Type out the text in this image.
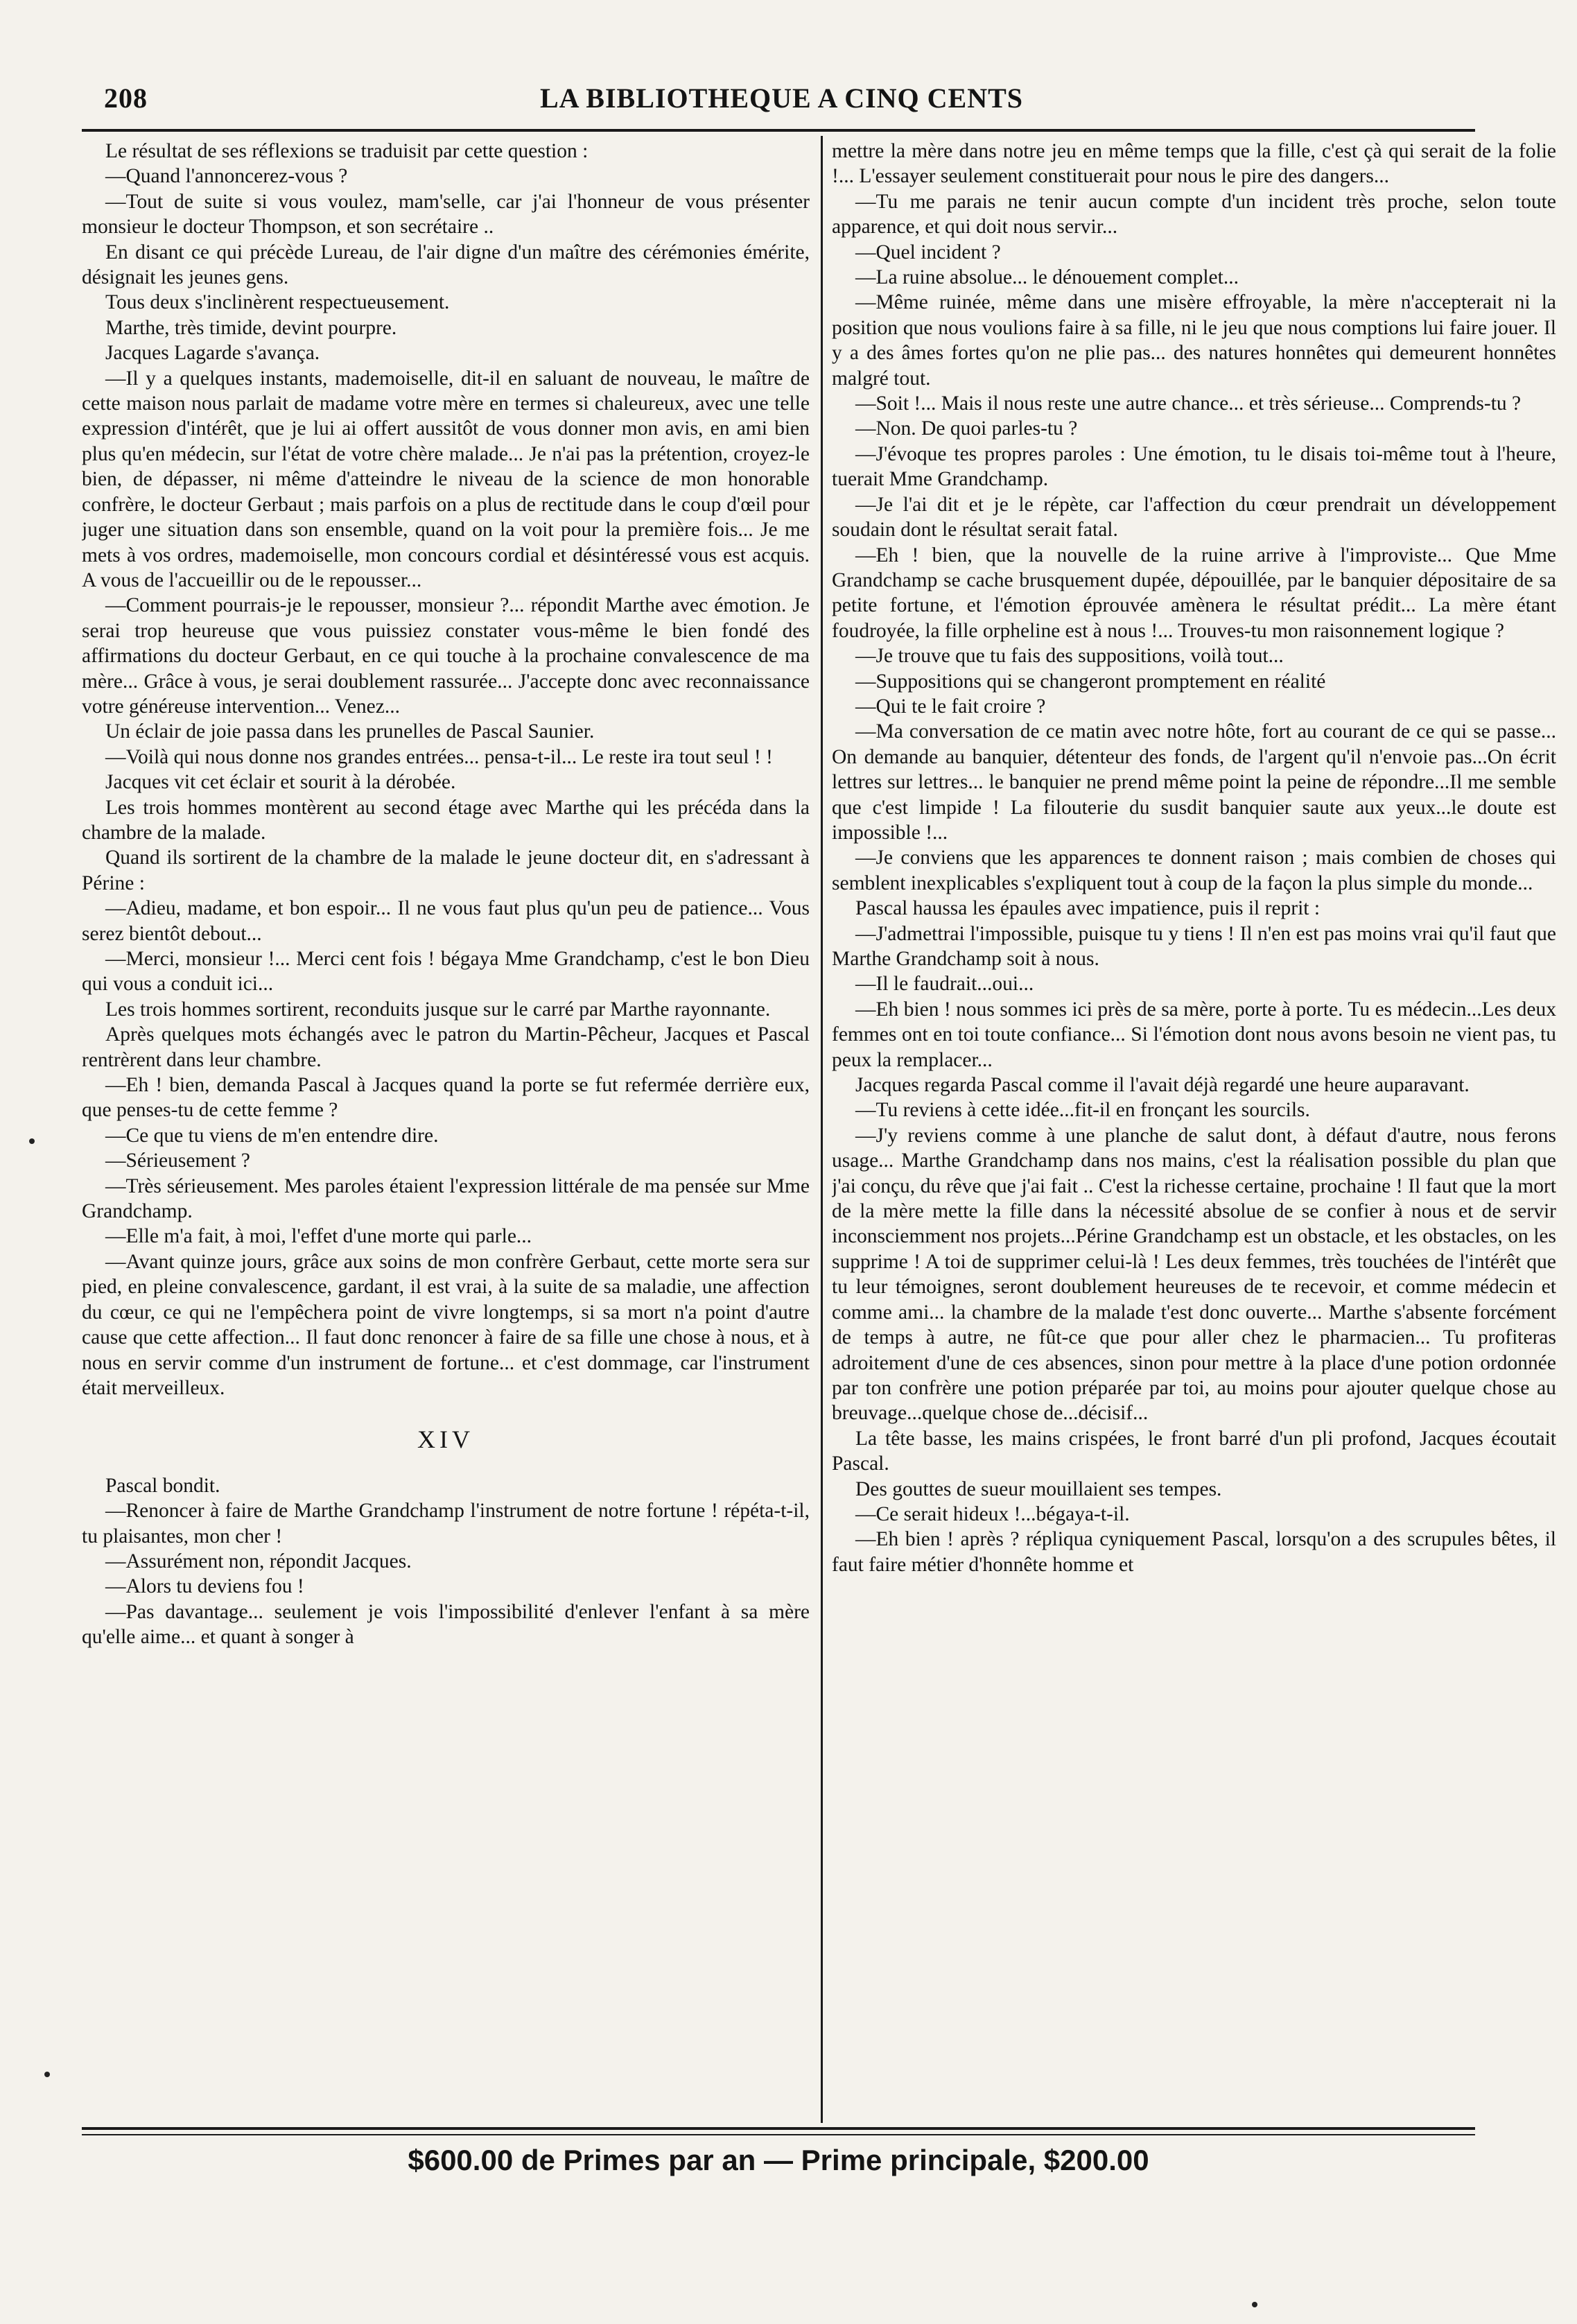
208	LA BIBLIOTHEQUE A CINQ CENTS

Le résultat de ses réflexions se traduisit par cette question :

—Quand l'annoncerez-vous ?

—Tout de suite si vous voulez, mam'selle, car j'ai l'honneur de vous présenter monsieur le docteur Thompson, et son secrétaire ..

En disant ce qui précède Lureau, de l'air digne d'un maître des cérémonies émérite, désignait les jeunes gens.

Tous deux s'inclinèrent respectueusement.

Marthe, très timide, devint pourpre.

Jacques Lagarde s'avança.

—Il y a quelques instants, mademoiselle, dit-il en saluant de nouveau, le maître de cette maison nous parlait de madame votre mère en termes si chaleureux, avec une telle expression d'intérêt, que je lui ai offert aussitôt de vous donner mon avis, en ami bien plus qu'en médecin, sur l'état de votre chère malade... Je n'ai pas la prétention, croyez-le bien, de dépasser, ni même d'atteindre le niveau de la science de mon honorable confrère, le docteur Gerbaut ; mais parfois on a plus de rectitude dans le coup d'œil pour juger une situation dans son ensemble, quand on la voit pour la première fois... Je me mets à vos ordres, mademoiselle, mon concours cordial et désintéressé vous est acquis. A vous de l'accueillir ou de le repousser...

—Comment pourrais-je le repousser, monsieur ?... répondit Marthe avec émotion. Je serai trop heureuse que vous puissiez constater vous-même le bien fondé des affirmations du docteur Gerbaut, en ce qui touche à la prochaine convalescence de ma mère... Grâce à vous, je serai doublement rassurée... J'accepte donc avec reconnaissance votre généreuse intervention... Venez...

Un éclair de joie passa dans les prunelles de Pascal Saunier.

—Voilà qui nous donne nos grandes entrées... pensa-t-il... Le reste ira tout seul ! !

Jacques vit cet éclair et sourit à la dérobée.

Les trois hommes montèrent au second étage avec Marthe qui les précéda dans la chambre de la malade.

Quand ils sortirent de la chambre de la malade le jeune docteur dit, en s'adressant à Périne :

—Adieu, madame, et bon espoir... Il ne vous faut plus qu'un peu de patience... Vous serez bientôt debout...

—Merci, monsieur !... Merci cent fois ! bégaya Mme Grandchamp, c'est le bon Dieu qui vous a conduit ici...

Les trois hommes sortirent, reconduits jusque sur le carré par Marthe rayonnante.

Après quelques mots échangés avec le patron du Martin-Pêcheur, Jacques et Pascal rentrèrent dans leur chambre.

—Eh ! bien, demanda Pascal à Jacques quand la porte se fut refermée derrière eux, que penses-tu de cette femme ?

—Ce que tu viens de m'en entendre dire.

—Sérieusement ?

—Très sérieusement. Mes paroles étaient l'expression littérale de ma pensée sur Mme Grandchamp.

—Elle m'a fait, à moi, l'effet d'une morte qui parle...

—Avant quinze jours, grâce aux soins de mon confrère Gerbaut, cette morte sera sur pied, en pleine convalescence, gardant, il est vrai, à la suite de sa maladie, une affection du cœur, ce qui ne l'empêchera point de vivre longtemps, si sa mort n'a point d'autre cause que cette affection... Il faut donc renoncer à faire de sa fille une chose à nous, et à nous en servir comme d'un instrument de fortune... et c'est dommage, car l'instrument était merveilleux.

XIV

Pascal bondit.

—Renoncer à faire de Marthe Grandchamp l'instrument de notre fortune ! répéta-t-il, tu plaisantes, mon cher !

—Assurément non, répondit Jacques.

—Alors tu deviens fou !

—Pas davantage... seulement je vois l'impossibilité d'enlever l'enfant à sa mère qu'elle aime... et quant à songer à

mettre la mère dans notre jeu en même temps que la fille, c'est çà qui serait de la folie !... L'essayer seulement constituerait pour nous le pire des dangers...

—Tu me parais ne tenir aucun compte d'un incident très proche, selon toute apparence, et qui doit nous servir...

—Quel incident ?

—La ruine absolue... le dénouement complet...

—Même ruinée, même dans une misère effroyable, la mère n'accepterait ni la position que nous voulions faire à sa fille, ni le jeu que nous comptions lui faire jouer. Il y a des âmes fortes qu'on ne plie pas... des natures honnêtes qui demeurent honnêtes malgré tout.

—Soit !... Mais il nous reste une autre chance... et très sérieuse... Comprends-tu ?

—Non. De quoi parles-tu ?

—J'évoque tes propres paroles : Une émotion, tu le disais toi-même tout à l'heure, tuerait Mme Grandchamp.

—Je l'ai dit et je le répète, car l'affection du cœur prendrait un développement soudain dont le résultat serait fatal.

—Eh ! bien, que la nouvelle de la ruine arrive à l'improviste... Que Mme Grandchamp se cache brusquement dupée, dépouillée, par le banquier dépositaire de sa petite fortune, et l'émotion éprouvée amènera le résultat prédit... La mère étant foudroyée, la fille orpheline est à nous !... Trouves-tu mon raisonnement logique ?

—Je trouve que tu fais des suppositions, voilà tout...

—Suppositions qui se changeront promptement en réalité

—Qui te le fait croire ?

—Ma conversation de ce matin avec notre hôte, fort au courant de ce qui se passe... On demande au banquier, détenteur des fonds, de l'argent qu'il n'envoie pas...On écrit lettres sur lettres... le banquier ne prend même point la peine de répondre...Il me semble que c'est limpide ! La filouterie du susdit banquier saute aux yeux...le doute est impossible !...

—Je conviens que les apparences te donnent raison ; mais combien de choses qui semblent inexplicables s'expliquent tout à coup de la façon la plus simple du monde...

Pascal haussa les épaules avec impatience, puis il reprit :

—J'admettrai l'impossible, puisque tu y tiens ! Il n'en est pas moins vrai qu'il faut que Marthe Grandchamp soit à nous.

—Il le faudrait...oui...

—Eh bien ! nous sommes ici près de sa mère, porte à porte. Tu es médecin...Les deux femmes ont en toi toute confiance... Si l'émotion dont nous avons besoin ne vient pas, tu peux la remplacer...

Jacques regarda Pascal comme il l'avait déjà regardé une heure auparavant.

—Tu reviens à cette idée...fit-il en fronçant les sourcils.

—J'y reviens comme à une planche de salut dont, à défaut d'autre, nous ferons usage... Marthe Grandchamp dans nos mains, c'est la réalisation possible du plan que j'ai conçu, du rêve que j'ai fait .. C'est la richesse certaine, prochaine ! Il faut que la mort de la mère mette la fille dans la nécessité absolue de se confier à nous et de servir inconsciemment nos projets...Périne Grandchamp est un obstacle, et les obstacles, on les supprime ! A toi de supprimer celui-là ! Les deux femmes, très touchées de l'intérêt que tu leur témoignes, seront doublement heureuses de te recevoir, et comme médecin et comme ami... la chambre de la malade t'est donc ouverte... Marthe s'absente forcément de temps à autre, ne fût-ce que pour aller chez le pharmacien... Tu profiteras adroitement d'une de ces absences, sinon pour mettre à la place d'une potion ordonnée par ton confrère une potion préparée par toi, au moins pour ajouter quelque chose au breuvage...quelque chose de...décisif...

La tête basse, les mains crispées, le front barré d'un pli profond, Jacques écoutait Pascal.

Des gouttes de sueur mouillaient ses tempes.

—Ce serait hideux !...bégaya-t-il.

—Eh bien ! après ? répliqua cyniquement Pascal, lorsqu'on a des scrupules bêtes, il faut faire métier d'honnête homme et

$600.00 de Primes par an — Prime principale, $200.00
